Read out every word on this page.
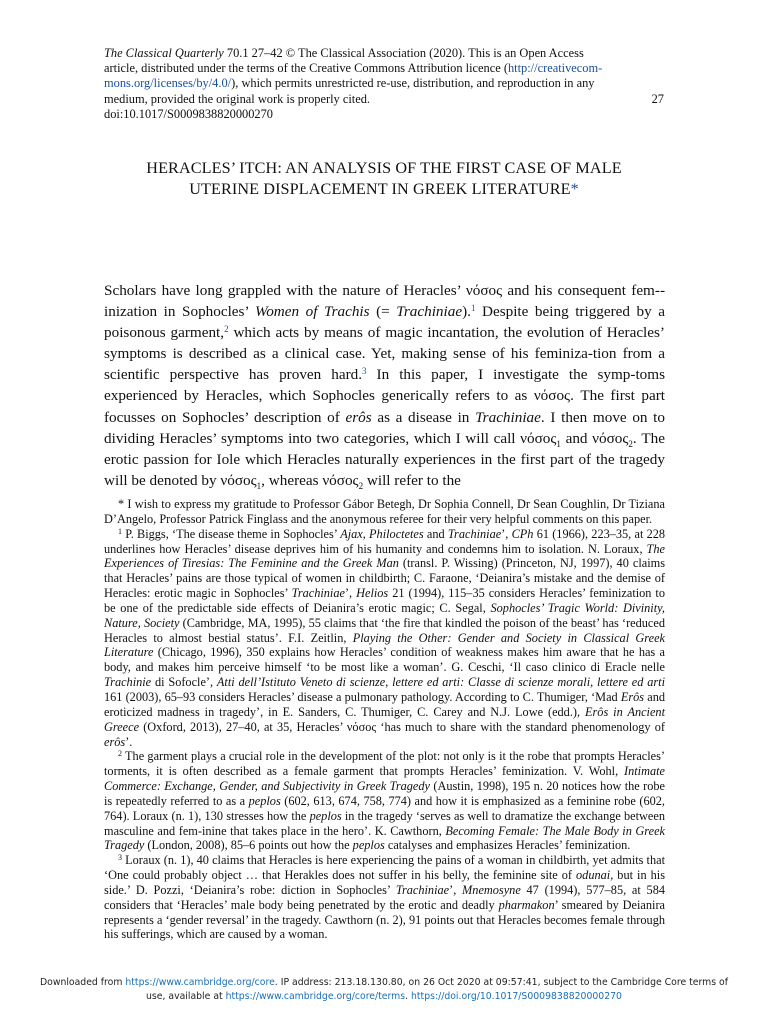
The Classical Quarterly 70.1 27–42 © The Classical Association (2020). This is an Open Access
article, distributed under the terms of the Creative Commons Attribution licence (http://creativecom-
mons.org/licenses/by/4.0/), which permits unrestricted re-use, distribution, and reproduction in any
medium, provided the original work is properly cited.	27
doi:10.1017/S0009838820000270
HERACLES’ ITCH: AN ANALYSIS OF THE FIRST CASE OF MALE
UTERINE DISPLACEMENT IN GREEK LITERATURE*

Scholars have long grappled with the nature of Heracles’ νόσος and his consequent fem-inization in Sophocles’ Women of Trachis (= Trachiniae).$^1$ Despite being triggered by a poisonous garment,$^2$ which acts by means of magic incantation, the evolution of Heracles’ symptoms is described as a clinical case. Yet, making sense of his feminiza-tion from a scientific perspective has proven hard.$^3$ In this paper, I investigate the symp-toms experienced by Heracles, which Sophocles generically refers to as νόσος. The first part focusses on Sophocles’ description of erôs as a disease in Trachiniae. I then move on to dividing Heracles’ symptoms into two categories, which I will call νόσος$_1$ and νόσος$_2$. The erotic passion for Iole which Heracles naturally experiences in the first part of the tragedy will be denoted by νόσος$_1$, whereas νόσος$_2$ will refer to the

* I wish to express my gratitude to Professor Gábor Betegh, Dr Sophia Connell, Dr Sean Coughlin, Dr Tiziana D’Angelo, Professor Patrick Finglass and the anonymous referee for their very helpful comments on this paper.

$^1$ P. Biggs, ‘The disease theme in Sophocles’ Ajax, Philoctetes and Trachiniae’, CPh 61 (1966), 223–35, at 228 underlines how Heracles’ disease deprives him of his humanity and condemns him to isolation. N. Loraux, The Experiences of Tiresias: The Feminine and the Greek Man (transl. P. Wissing) (Princeton, NJ, 1997), 40 claims that Heracles’ pains are those typical of women in childbirth; C. Faraone, ‘Deianira’s mistake and the demise of Heracles: erotic magic in Sophocles’ Trachiniae’, Helios 21 (1994), 115–35 considers Heracles’ feminization to be one of the predictable side effects of Deianira’s erotic magic; C. Segal, Sophocles’ Tragic World: Divinity, Nature, Society (Cambridge, MA, 1995), 55 claims that ‘the fire that kindled the poison of the beast’ has ‘reduced Heracles to almost bestial status’. F.I. Zeitlin, Playing the Other: Gender and Society in Classical Greek Literature (Chicago, 1996), 350 explains how Heracles’ condition of weakness makes him aware that he has a body, and makes him perceive himself ‘to be most like a woman’. G. Ceschi, ‘Il caso clinico di Eracle nelle Trachinie di Sofocle’, Atti dell’Istituto Veneto di scienze, lettere ed arti: Classe di scienze morali, lettere ed arti 161 (2003), 65–93 considers Heracles’ disease a pulmonary pathology. According to C. Thumiger, ‘Mad Erôs and eroticized madness in tragedy’, in E. Sanders, C. Thumiger, C. Carey and N.J. Lowe (edd.), Erôs in Ancient Greece (Oxford, 2013), 27–40, at 35, Heracles’ νόσος ‘has much to share with the standard phenomenology of erôs’.

$^2$ The garment plays a crucial role in the development of the plot: not only is it the robe that prompts Heracles’ torments, it is often described as a female garment that prompts Heracles’ feminization. V. Wohl, Intimate Commerce: Exchange, Gender, and Subjectivity in Greek Tragedy (Austin, 1998), 195 n. 20 notices how the robe is repeatedly referred to as a peplos (602, 613, 674, 758, 774) and how it is emphasized as a feminine robe (602, 764). Loraux (n. 1), 130 stresses how the peplos in the tragedy ‘serves as well to dramatize the exchange between masculine and fem-inine that takes place in the hero’. K. Cawthorn, Becoming Female: The Male Body in Greek Tragedy (London, 2008), 85–6 points out how the peplos catalyses and emphasizes Heracles’ feminization.

$^3$ Loraux (n. 1), 40 claims that Heracles is here experiencing the pains of a woman in childbirth, yet admits that ‘One could probably object … that Herakles does not suffer in his belly, the feminine site of odunai, but in his side.’ D. Pozzi, ‘Deianira’s robe: diction in Sophocles’ Trachiniae’, Mnemosyne 47 (1994), 577–85, at 584 considers that ‘Heracles’ male body being penetrated by the erotic and deadly pharmakon’ smeared by Deianira represents a ‘gender reversal’ in the tragedy. Cawthorn (n. 2), 91 points out that Heracles becomes female through his sufferings, which are caused by a woman.

Downloaded from https://www.cambridge.org/core. IP address: 213.18.130.80, on 26 Oct 2020 at 09:57:41, subject to the Cambridge Core terms of
use, available at https://www.cambridge.org/core/terms. https://doi.org/10.1017/S0009838820000270
